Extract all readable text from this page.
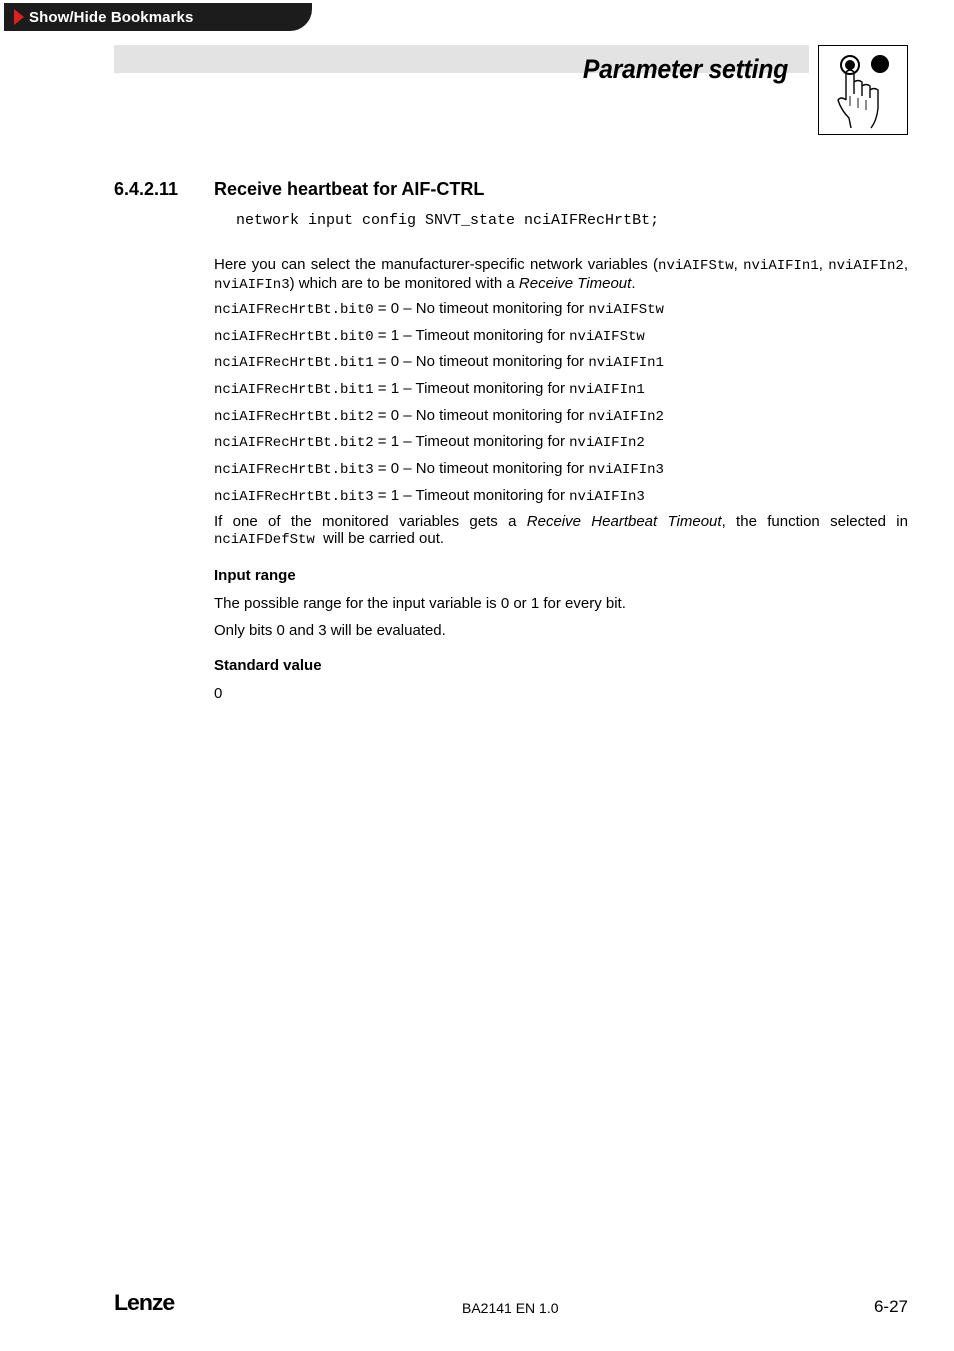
Show/Hide Bookmarks
Parameter setting
6.4.2.11 Receive heartbeat for AIF-CTRL
network input config SNVT_state nciAIFRecHrtBt;
Here you can select the manufacturer-specific network variables (nviAIFStw, nviAIFIn1, nviAIFIn2, nviAIFIn3) which are to be monitored with a Receive Timeout.
nciAIFRecHrtBt.bit0 = 0 – No timeout monitoring for nviAIFStw
nciAIFRecHrtBt.bit0 = 1 – Timeout monitoring for nviAIFStw
nciAIFRecHrtBt.bit1 = 0 – No timeout monitoring for nviAIFIn1
nciAIFRecHrtBt.bit1 = 1 – Timeout monitoring for nviAIFIn1
nciAIFRecHrtBt.bit2 = 0 – No timeout monitoring for nviAIFIn2
nciAIFRecHrtBt.bit2 = 1 – Timeout monitoring for nviAIFIn2
nciAIFRecHrtBt.bit3 = 0 – No timeout monitoring for nviAIFIn3
nciAIFRecHrtBt.bit3 = 1 – Timeout monitoring for nviAIFIn3
If one of the monitored variables gets a Receive Heartbeat Timeout, the function selected in nciAIFDefStw  will be carried out.
Input range
The possible range for the input variable is 0 or 1 for every bit.
Only bits 0 and 3 will be evaluated.
Standard value
0
Lenze	BA2141 EN 1.0	6-27
